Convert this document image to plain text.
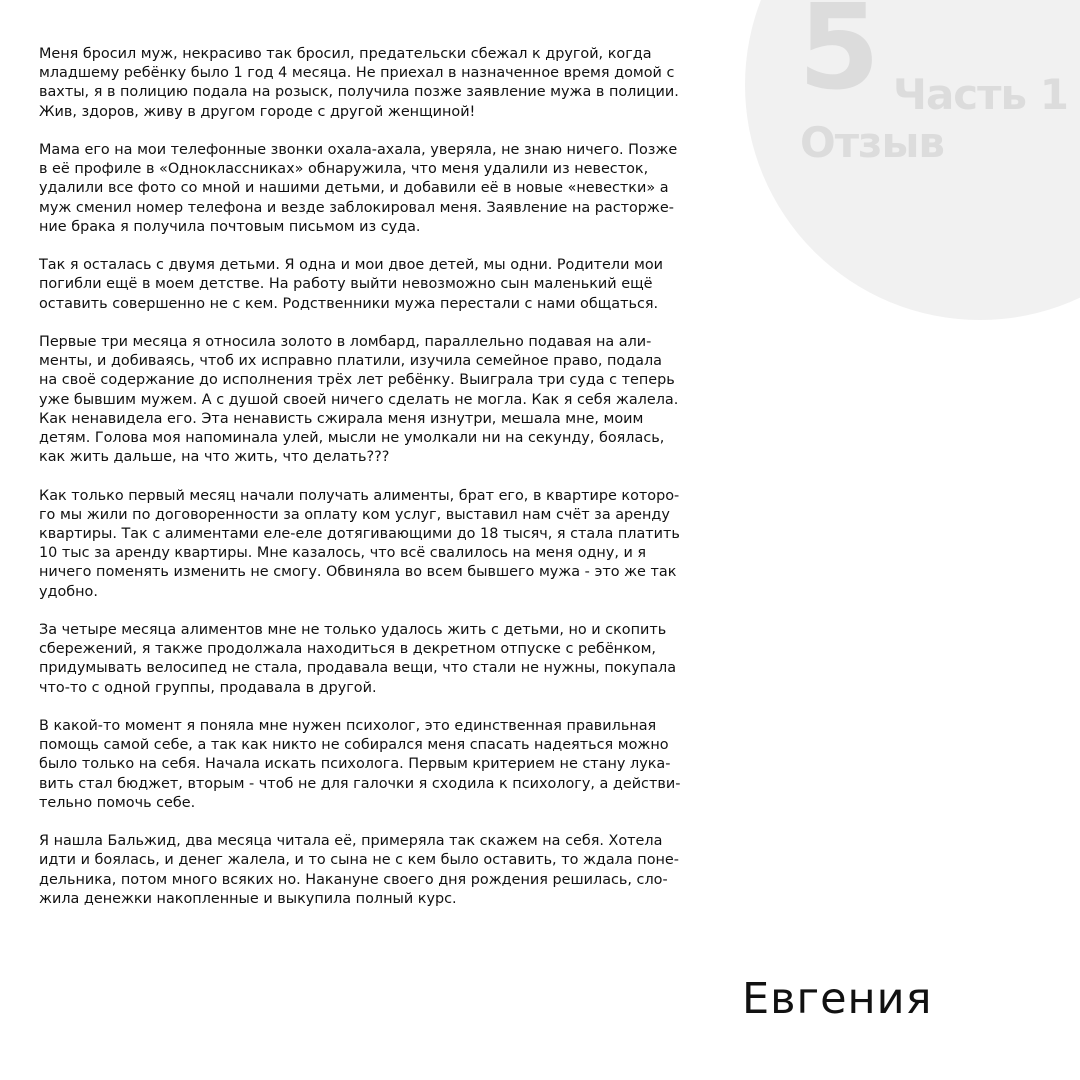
5 Часть 1
Отзыв

Меня бросил муж, некрасиво так бросил, предательски сбежал к другой, когда
младшему ребёнку было 1 год 4 месяца. Не приехал в назначенное время домой с
вахты, я в полицию подала на розыск, получила позже заявление мужа в полиции.
Жив, здоров, живу в другом городе с другой женщиной!

Мама его на мои телефонные звонки охала-ахала, уверяла, не знаю ничего. Позже
в её профиле в «Одноклассниках» обнаружила, что меня удалили из невесток,
удалили все фото со мной и нашими детьми, и добавили её в новые «невестки» а
муж сменил номер телефона и везде заблокировал меня. Заявление на расторже-
ние брака я получила почтовым письмом из суда.

Так я осталась с двумя детьми. Я одна и мои двое детей, мы одни. Родители мои
погибли ещё в моем детстве. На работу выйти невозможно сын маленький ещё
оставить совершенно не с кем. Родственники мужа перестали с нами общаться.

Первые три месяца я относила золото в ломбард, параллельно подавая на али-
менты, и добиваясь, чтоб их исправно платили, изучила семейное право, подала
на своё содержание до исполнения трёх лет ребёнку. Выиграла три суда с теперь
уже бывшим мужем. А с душой своей ничего сделать не могла. Как я себя жалела.
Как ненавидела его. Эта ненависть сжирала меня изнутри, мешала мне, моим
детям. Голова моя напоминала улей, мысли не умолкали ни на секунду, боялась,
как жить дальше, на что жить, что делать???

Как только первый месяц начали получать алименты, брат его, в квартире которо-
го мы жили по договоренности за оплату ком услуг, выставил нам счёт за аренду
квартиры. Так с алиментами еле-еле дотягивающими до 18 тысяч, я стала платить
10 тыс за аренду квартиры. Мне казалось, что всё свалилось на меня одну, и я
ничего поменять изменить не смогу. Обвиняла во всем бывшего мужа - это же так
удобно.

За четыре месяца алиментов мне не только удалось жить с детьми, но и скопить
сбережений, я также продолжала находиться в декретном отпуске с ребёнком,
придумывать велосипед не стала, продавала вещи, что стали не нужны, покупала
что-то с одной группы, продавала в другой.

В какой-то момент я поняла мне нужен психолог, это единственная правильная
помощь самой себе, а так как никто не собирался меня спасать надеяться можно
было только на себя. Начала искать психолога. Первым критерием не стану лука-
вить стал бюджет, вторым - чтоб не для галочки я сходила к психологу, а действи-
тельно помочь себе.

Я нашла Бальжид, два месяца читала её, примеряла так скажем на себя. Хотела
идти и боялась, и денег жалела, и то сына не с кем было оставить, то ждала поне-
дельника, потом много всяких но. Накануне своего дня рождения решилась, сло-
жила денежки накопленные и выкупила полный курс.

Евгения
